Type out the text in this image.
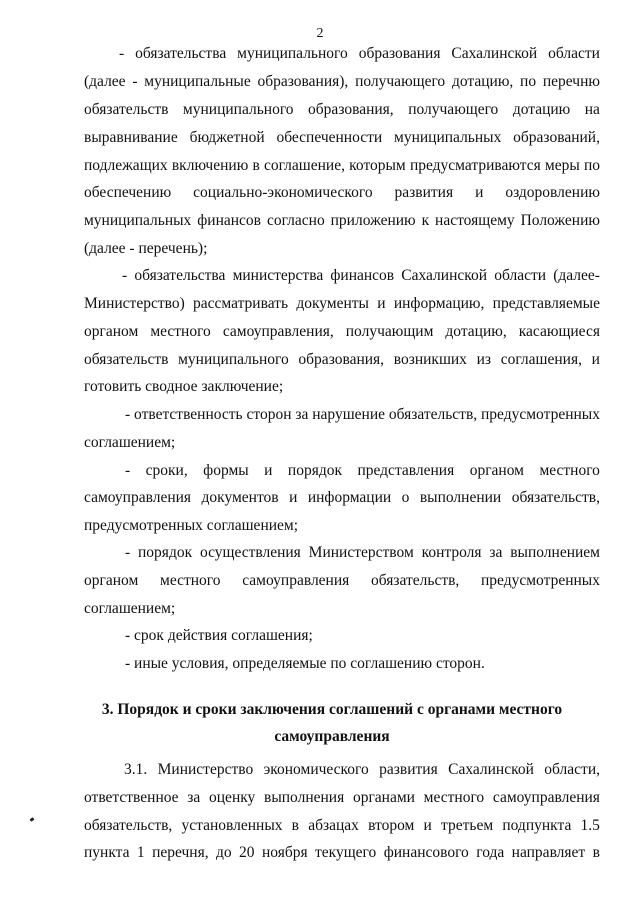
2
- обязательства муниципального образования Сахалинской области
(далее - муниципальные образования), получающего дотацию, по перечню
обязательств муниципального образования, получающего дотацию на
выравнивание бюджетной обеспеченности муниципальных образований,
подлежащих включению в соглашение, которым предусматриваются меры по
обеспечению социально-экономического развития и оздоровлению
муниципальных финансов согласно приложению к настоящему Положению
(далее - перечень);
- обязательства министерства финансов Сахалинской области (далее-
Министерство) рассматривать документы и информацию, представляемые
органом местного самоуправления, получающим дотацию, касающиеся
обязательств муниципального образования, возникших из соглашения, и
готовить сводное заключение;
- ответственность сторон за нарушение обязательств, предусмотренных
соглашением;
- сроки, формы и порядок представления органом местного
самоуправления документов и информации о выполнении обязательств,
предусмотренных соглашением;
- порядок осуществления Министерством контроля за выполнением
органом местного самоуправления обязательств, предусмотренных
соглашением;
- срок действия соглашения;
- иные условия, определяемые по соглашению сторон.
3. Порядок и сроки заключения соглашений с органами местного
самоуправления
3.1. Министерство экономического развития Сахалинской области,
ответственное за оценку выполнения органами местного самоуправления
обязательств, установленных в абзацах втором и третьем подпункта 1.5
пункта 1 перечня, до 20 ноября текущего финансового года направляет в
